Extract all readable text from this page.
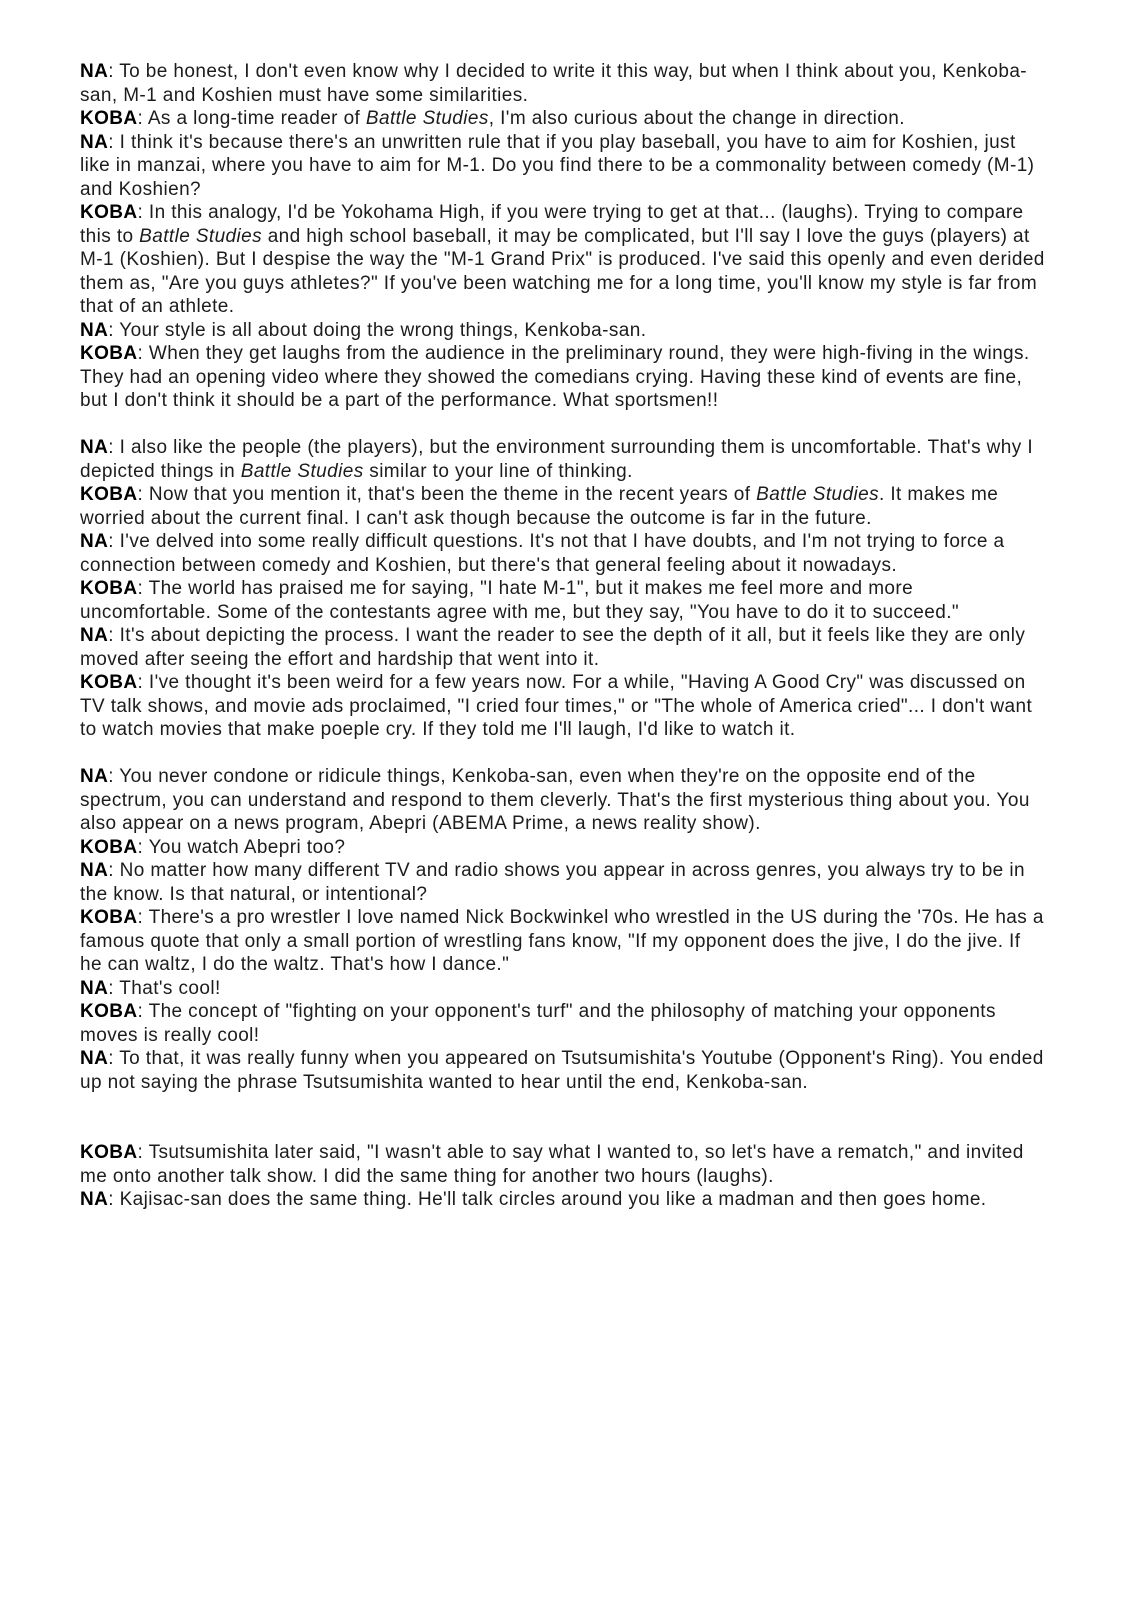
NA: To be honest, I don't even know why I decided to write it this way, but when I think about you, Kenkoba-san, M-1 and Koshien must have some similarities.

KOBA: As a long-time reader of Battle Studies, I'm also curious about the change in direction.

NA: I think it's because there's an unwritten rule that if you play baseball, you have to aim for Koshien, just like in manzai, where you have to aim for M-1. Do you find there to be a commonality between comedy (M-1) and Koshien?

KOBA: In this analogy, I'd be Yokohama High, if you were trying to get at that... (laughs). Trying to compare this to Battle Studies and high school baseball, it may be complicated, but I'll say I love the guys (players) at M-1 (Koshien). But I despise the way the "M-1 Grand Prix" is produced. I've said this openly and even derided them as, "Are you guys athletes?" If you've been watching me for a long time, you'll know my style is far from that of an athlete.

NA: Your style is all about doing the wrong things, Kenkoba-san.

KOBA: When they get laughs from the audience in the preliminary round, they were high-fiving in the wings. They had an opening video where they showed the comedians crying. Having these kind of events are fine, but I don't think it should be a part of the performance. What sportsmen!!

NA: I also like the people (the players), but the environment surrounding them is uncomfortable. That's why I depicted things in Battle Studies similar to your line of thinking.

KOBA: Now that you mention it, that's been the theme in the recent years of Battle Studies. It makes me worried about the current final. I can't ask though because the outcome is far in the future.

NA: I've delved into some really difficult questions. It's not that I have doubts, and I'm not trying to force a connection between comedy and Koshien, but there's that general feeling about it nowadays.

KOBA: The world has praised me for saying, "I hate M-1", but it makes me feel more and more uncomfortable. Some of the contestants agree with me, but they say, "You have to do it to succeed."

NA: It's about depicting the process. I want the reader to see the depth of it all, but it feels like they are only moved after seeing the effort and hardship that went into it.

KOBA: I've thought it's been weird for a few years now. For a while, "Having A Good Cry" was discussed on TV talk shows, and movie ads proclaimed, "I cried four times," or "The whole of America cried"... I don't want to watch movies that make poeple cry. If they told me I'll laugh, I'd like to watch it.

NA: You never condone or ridicule things, Kenkoba-san, even when they're on the opposite end of the spectrum, you can understand and respond to them cleverly. That's the first mysterious thing about you. You also appear on a news program, Abepri (ABEMA Prime, a news reality show).

KOBA: You watch Abepri too?

NA: No matter how many different TV and radio shows you appear in across genres, you always try to be in the know. Is that natural, or intentional?

KOBA: There's a pro wrestler I love named Nick Bockwinkel who wrestled in the US during the '70s. He has a famous quote that only a small portion of wrestling fans know, "If my opponent does the jive, I do the jive. If he can waltz, I do the waltz. That's how I dance."

NA: That's cool!

KOBA: The concept of "fighting on your opponent's turf" and the philosophy of matching your opponents moves is really cool!

NA: To that, it was really funny when you appeared on Tsutsumishita's Youtube (Opponent's Ring). You ended up not saying the phrase Tsutsumishita wanted to hear until the end, Kenkoba-san.

KOBA: Tsutsumishita later said, "I wasn't able to say what I wanted to, so let's have a rematch," and invited me onto another talk show. I did the same thing for another two hours (laughs).

NA: Kajisac-san does the same thing. He'll talk circles around you like a madman and then goes home.
